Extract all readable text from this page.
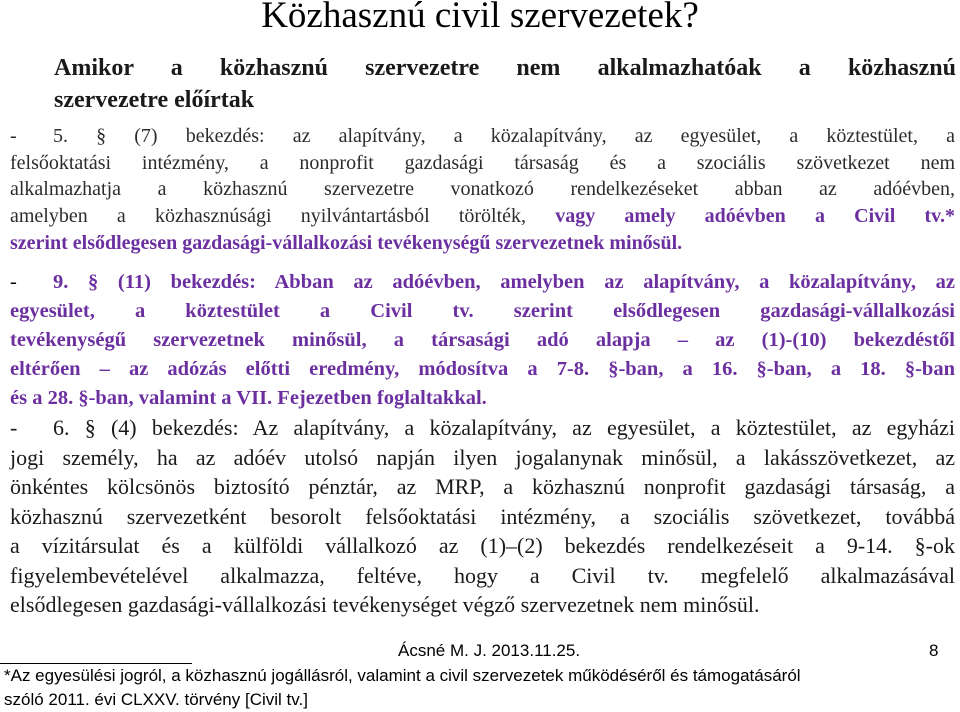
Közhasznú civil szervezetek?
Amikor a közhasznú szervezetre nem alkalmazhatóak a közhasznú
szervezetre előírtak
- 5. § (7) bekezdés: az alapítvány, a közalapítvány, az egyesület, a köztestület, a
felsőoktatási intézmény, a nonprofit gazdasági társaság és a szociális szövetkezet nem
alkalmazhatja a közhasznú szervezetre vonatkozó rendelkezéseket abban az adóévben,
amelyben a közhasznúsági nyilvántartásból törölték, vagy amely adóévben a Civil tv.*
szerint elsődlegesen gazdasági-vállalkozási tevékenységű szervezetnek minősül.
- 9. § (11) bekezdés: Abban az adóévben, amelyben az alapítvány, a közalapítvány, az
egyesület, a köztestület a Civil tv. szerint elsődlegesen gazdasági-vállalkozási
tevékenységű szervezetnek minősül, a társasági adó alapja – az (1)-(10) bekezdéstől
eltérően – az adózás előtti eredmény, módosítva a 7-8. §-ban, a 16. §-ban, a 18. §-ban
és a 28. §-ban, valamint a VII. Fejezetben foglaltakkal.
- 6. § (4) bekezdés: Az alapítvány, a közalapítvány, az egyesület, a köztestület, az egyházi
jogi személy, ha az adóév utolsó napján ilyen jogalanynak minősül, a lakásszövetkezet, az
önkéntes kölcsönös biztosító pénztár, az MRP, a közhasznú nonprofit gazdasági társaság, a
közhasznú szervezetként besorolt felsőoktatási intézmény, a szociális szövetkezet, továbbá
a vízitársulat és a külföldi vállalkozó az (1)–(2) bekezdés rendelkezéseit a 9-14. §-ok
figyelembevételével alkalmazza, feltéve, hogy a Civil tv. megfelelő alkalmazásával
elsődlegesen gazdasági-vállalkozási tevékenységet végző szervezetnek nem minősül.
Ácsné M. J. 2013.11.25.	8
*Az egyesülési jogról, a közhasznú jogállásról, valamint a civil szervezetek működéséről és támogatásáról
szóló 2011. évi CLXXV. törvény [Civil tv.]
